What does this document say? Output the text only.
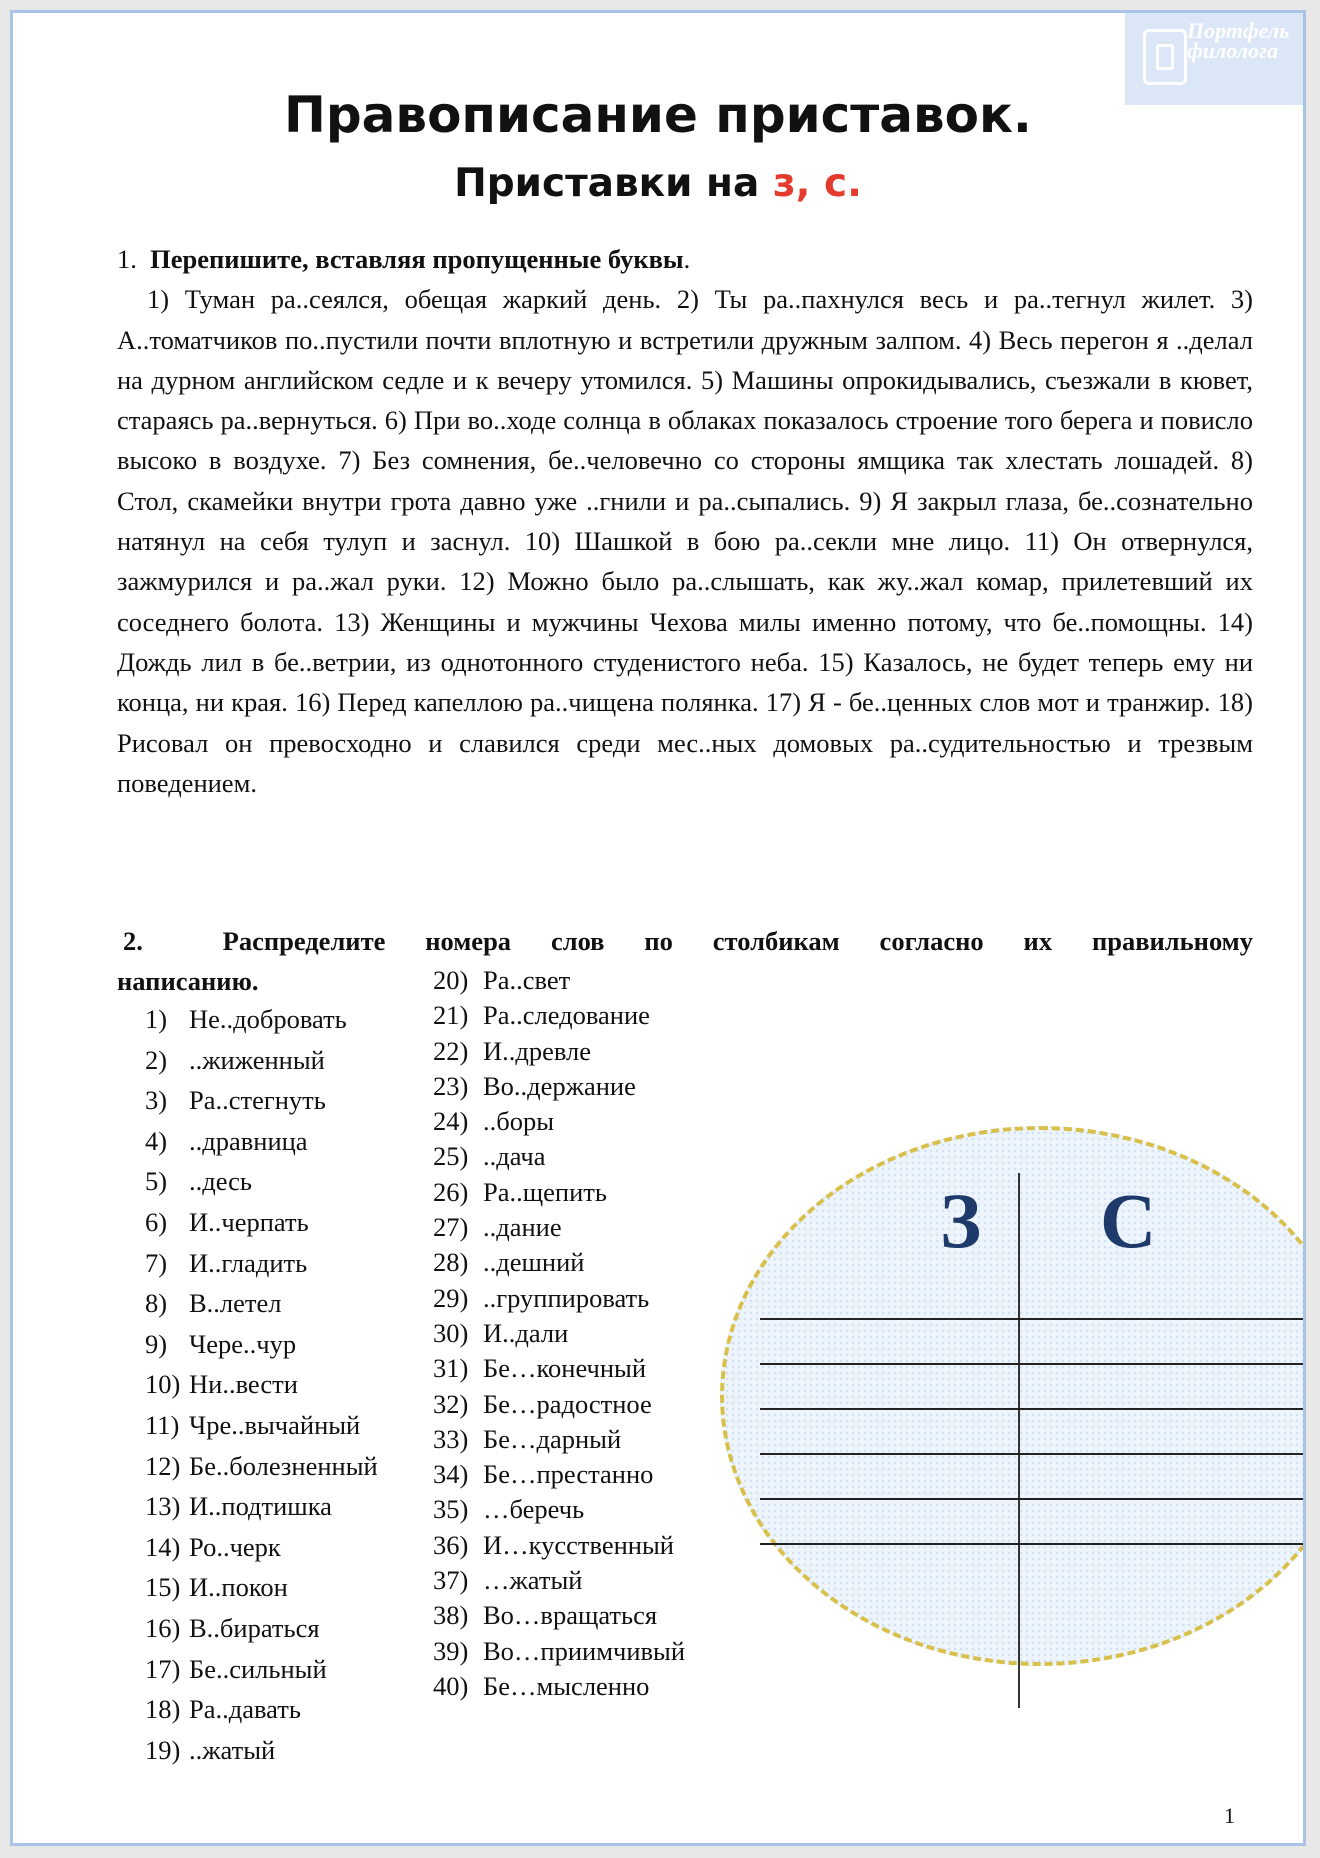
Портфель филолога
Правописание приставок.
Приставки на з, с.
1. Перепишите, вставляя пропущенные буквы.
1) Туман ра..сеялся, обещая жаркий день. 2) Ты ра..пахнулся весь и ра..тегнул жилет. 3) А..томатчиков по..пустили почти вплотную и встретили дружным залпом. 4) Весь перегон я ..делал на дурном английском седле и к вечеру утомился. 5) Машины опрокидывались, съезжали в кювет, стараясь ра..вернуться. 6) При во..ходе солнца в облаках показалось строение того берега и повисло высоко в воздухе. 7) Без сомнения, бе..человечно со стороны ямщика так хлестать лошадей. 8) Стол, скамейки внутри грота давно уже ..гнили и ра..сыпались. 9) Я закрыл глаза, бе..сознательно натянул на себя тулуп и заснул. 10) Шашкой в бою ра..секли мне лицо. 11) Он отвернулся, зажмурился и ра..жал руки. 12) Можно было ра..слышать, как жу..жал комар, прилетевший их соседнего болота. 13) Женщины и мужчины Чехова милы именно потому, что бе..помощны. 14) Дождь лил в бе..ветрии, из однотонного студенистого неба. 15) Казалось, не будет теперь ему ни конца, ни края. 16) Перед капеллою ра..чищена полянка. 17) Я - бе..ценных слов мот и транжир. 18) Рисовал он превосходно и славился среди мес..ных домовых ра..судительностью и трезвым поведением.
2.	Распределите номера слов по столбикам согласно их правильному
написанию.
1) Не..добровать
2) ..жиженный
3) Ра..стегнуть
4) ..дравница
5) ..десь
6) И..черпать
7) И..гладить
8) В..летел
9) Чере..чур
10) Ни..вести
11) Чре..вычайный
12) Бе..болезненный
13) И..подтишка
14) Ро..черк
15) И..покон
16) В..бираться
17) Бе..сильный
18) Ра..давать
19) ..жатый
20) Ра..свет
21) Ра..следование
22) И..древле
23) Во..держание
24) ..боры
25) ..дача
26) Ра..щепить
27) ..дание
28) ..дешний
29) ..группировать
30) И..дали
31) Бе…конечный
32) Бе…радостное
33) Бе…дарный
34) Бе…престанно
35) …беречь
36) И…кусственный
37) …жатый
38) Во…вращаться
39) Во…приимчивый
40) Бе…мысленно
З С
1
